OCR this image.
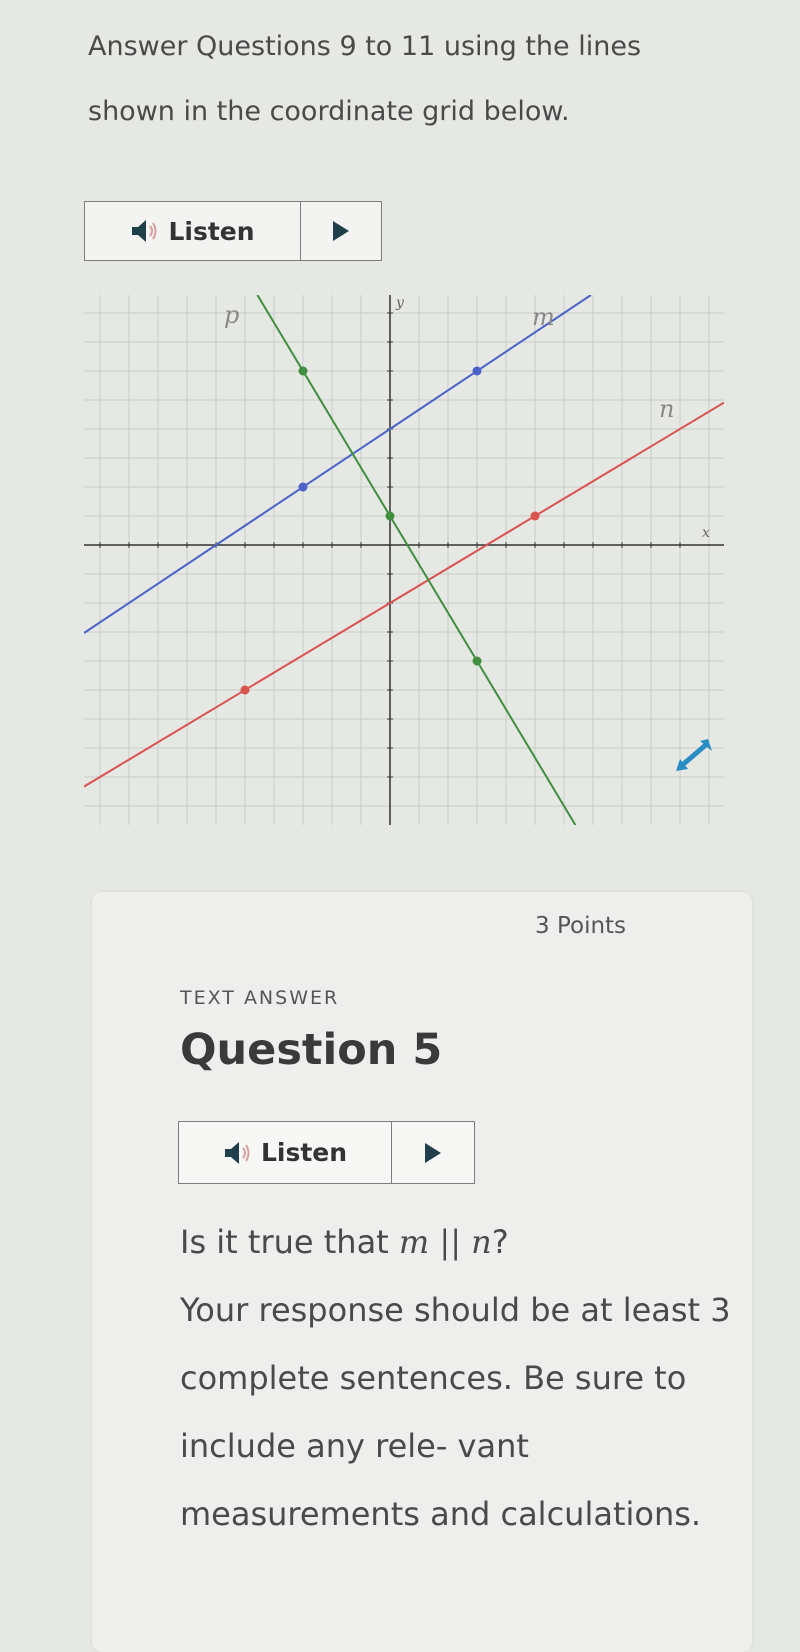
Answer Questions 9 to 11 using the lines
shown in the coordinate grid below.
Listen
p	m
n
x
y
3 Points
TEXT ANSWER
Question 5
Listen
Is it true that m || n?
Your response should be at least 3 complete sentences. Be sure to include any rele- vant measurements and calculations.
